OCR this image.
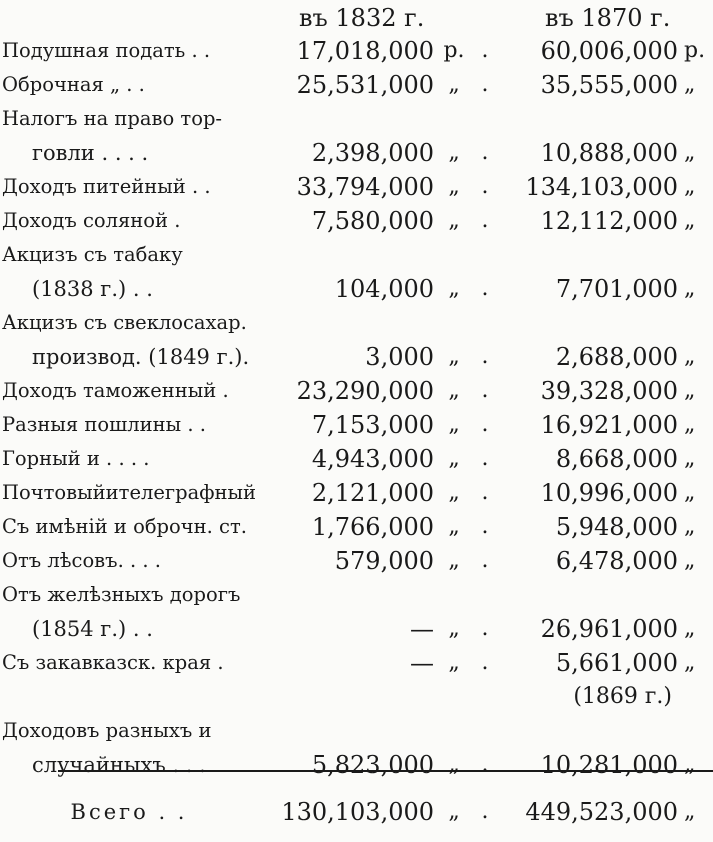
въ 1832 г.	въ 1870 г.
Подушная подать . .	17,018,000	р.	.	60,006,000	р.
Оброчная „ . .	25,531,000	„	.	35,555,000	„
Налогъ на право тор-					
говли . . . .	2,398,000	„	.	10,888,000	„
Доходъ питейный . .	33,794,000	„	.	134,103,000	„
Доходъ соляной .	7,580,000	„	.	12,112,000	„
Акцизъ съ табаку					
(1838 г.) . .	104,000	„	.	7,701,000	„
Акцизъ съ свеклосахар.					
производ. (1849 г.).	3,000	„	.	2,688,000	„
Доходъ таможенный .	23,290,000	„	.	39,328,000	„
Разныя пошлины . .	7,153,000	„	.	16,921,000	„
Горный и . . . .	4,943,000	„	.	8,668,000	„
Почтовыйителеграфный	2,121,000	„	.	10,996,000	„
Съ имѣній и оброчн. ст.	1,766,000	„	.	5,948,000	„
Отъ лѣсовъ. . . .	579,000	„	.	6,478,000	„
Отъ желѣзныхъ дорогъ					
(1854 г.) . .	—	„	.	26,961,000	„
Съ закавказск. края .	—	„	.	5,661,000	„
				(1869 г.)	
Доходовъ разныхъ и					
случайныхъ . . .	5,823,000	„	.	10,281,000	„
Всего . .	130,103,000	„	.	449,523,000	„
